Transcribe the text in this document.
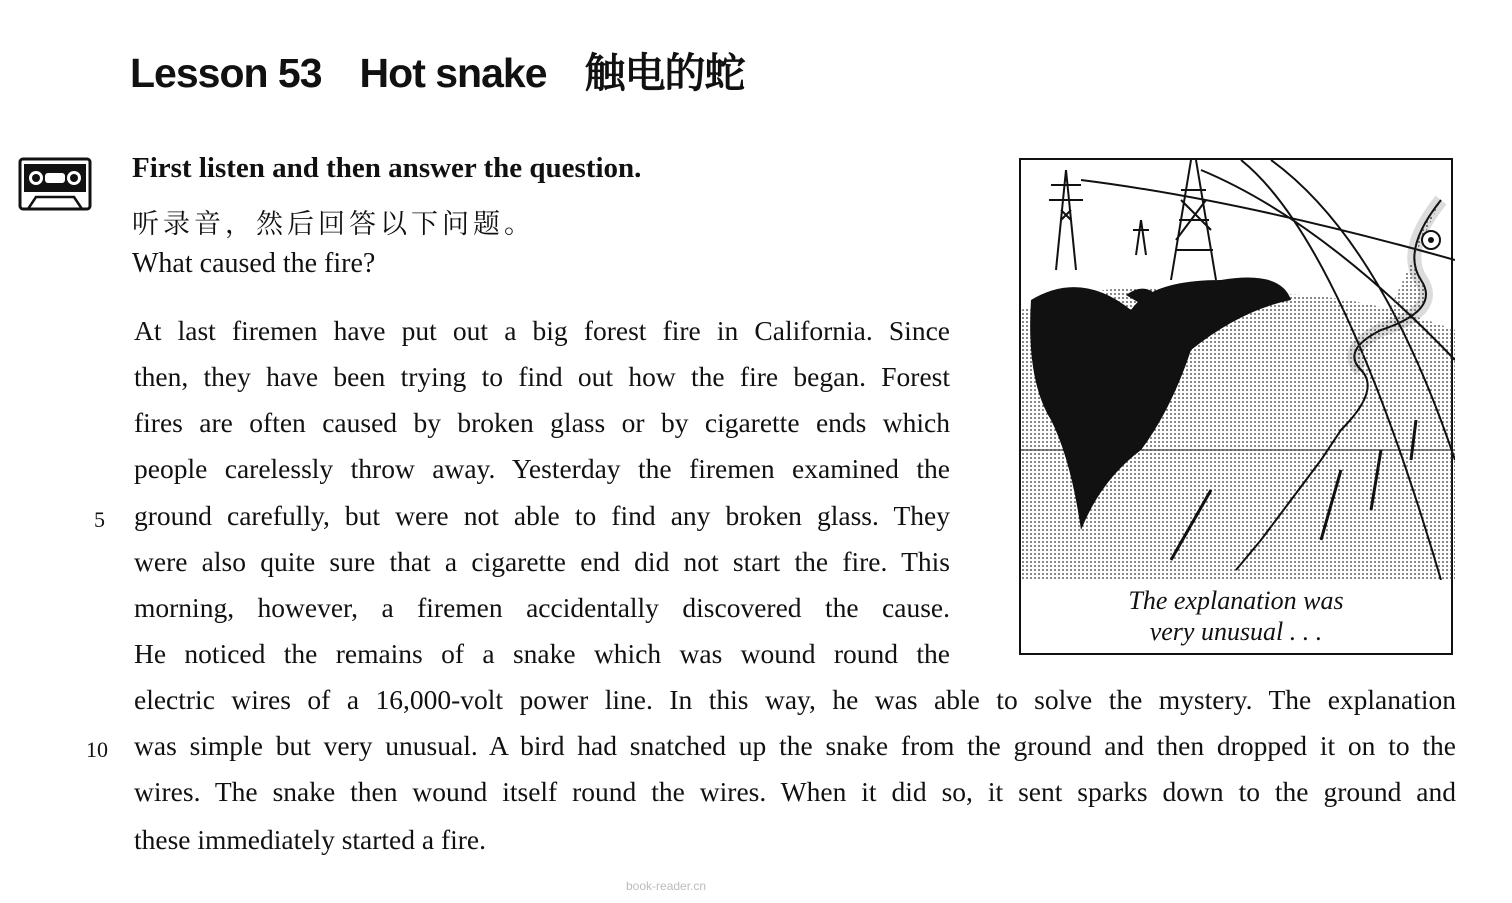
Lesson 53 Hot snake 触电的蛇
First listen and then answer the question.
听录音，然后回答以下问题。
What caused the fire?
At last firemen have put out a big forest fire in California. Since
then, they have been trying to find out how the fire began. Forest
fires are often caused by broken glass or by cigarette ends which
people carelessly throw away. Yesterday the firemen examined the
ground carefully, but were not able to find any broken glass. They
were also quite sure that a cigarette end did not start the fire. This
morning, however, a firemen accidentally discovered the cause.
He noticed the remains of a snake which was wound round the
electric wires of a 16,000-volt power line. In this way, he was able to solve the mystery. The explanation
was simple but very unusual. A bird had snatched up the snake from the ground and then dropped it on to the
wires. The snake then wound itself round the wires. When it did so, it sent sparks down to the ground and
these immediately started a fire.
5
10
The explanation was
very unusual . . .
book-reader.cn
